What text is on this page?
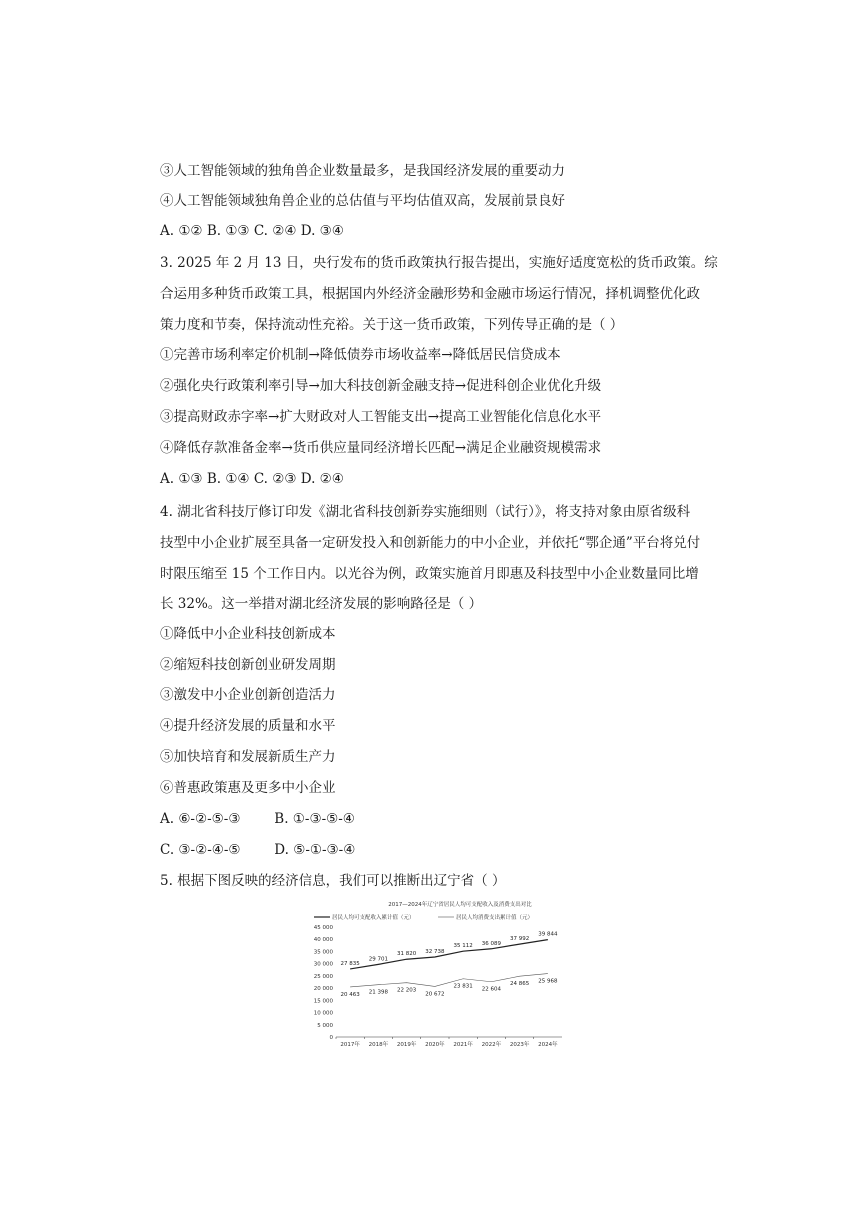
③人工智能领域的独角兽企业数量最多，是我国经济发展的重要动力
④人工智能领域独角兽企业的总估值与平均估值双高，发展前景良好
A. ①② B. ①③ C. ②④ D. ③④
3. 2025 年 2 月 13 日，央行发布的货币政策执行报告提出，实施好适度宽松的货币政策。综
合运用多种货币政策工具，根据国内外经济金融形势和金融市场运行情况，择机调整优化政
策力度和节奏，保持流动性充裕。关于这一货币政策，下列传导正确的是（ ）
①完善市场利率定价机制→降低债券市场收益率→降低居民信贷成本
②强化央行政策利率引导→加大科技创新金融支持→促进科创企业优化升级
③提高财政赤字率→扩大财政对人工智能支出→提高工业智能化信息化水平
④降低存款准备金率→货币供应量同经济增长匹配→满足企业融资规模需求
A. ①③ B. ①④ C. ②③ D. ②④
4. 湖北省科技厅修订印发《湖北省科技创新券实施细则（试行）》，将支持对象由原省级科
技型中小企业扩展至具备一定研发投入和创新能力的中小企业，并依托“鄂企通”平台将兑付
时限压缩至 15 个工作日内。以光谷为例，政策实施首月即惠及科技型中小企业数量同比增
长 32%。这一举措对湖北经济发展的影响路径是（ ）
①降低中小企业科技创新成本
②缩短科技创新创业研发周期
③激发中小企业创新创造活力
④提升经济发展的质量和水平
⑤加快培育和发展新质生产力
⑥普惠政策惠及更多中小企业
A. ⑥-②-⑤-③	B. ①-③-⑤-④
C. ③-②-④-⑤	D. ⑤-①-③-④
5. 根据下图反映的经济信息，我们可以推断出辽宁省（ ）
2017—2024年辽宁省居民人均可支配收入及消费支出对比
居民人均可支配收入累计值（元）	居民人均消费支出累计值（元）
45 000
40 000
35 000
30 000
25 000
20 000
15 000
10 000
5 000
0
2017年 2018年 2019年 2020年 2021年 2022年 2023年 2024年
27 835
29 701
31 820 32 738
35 112 36 089
37 992
39 844
20 463 21 398 22 203
20 672
23 831 22 604
24 865 25 968
